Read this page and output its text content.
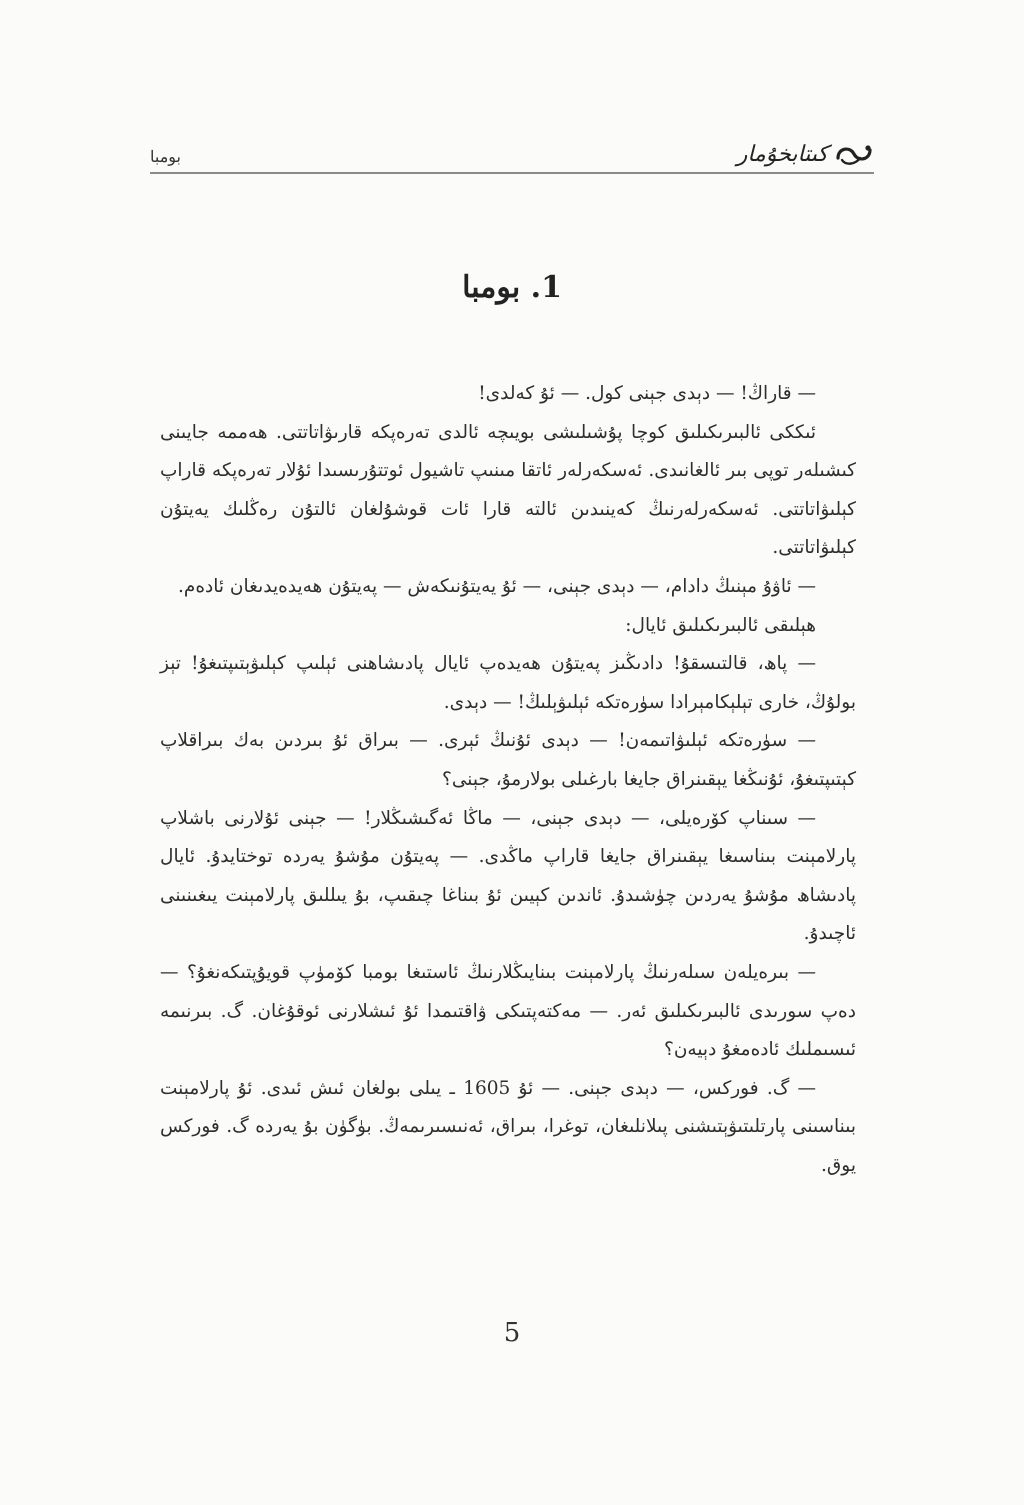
بومبا	كىتابخۇمار
1. بومبا

— قاراڭ! — دېدى جېنى كول. — ئۇ كەلدى!

ئىككى ئالبىرىكىلىق كوچا پۇشىلىشى بويىچە ئالدى تەرەپكە قارىۋاتاتتى. ھەممە جايىنى كىشىلەر توپى بىر ئالغانىدى. ئەسكەرلەر ئاتقا مىنىپ تاشيول ئوتتۇرىسىدا ئۇلار تەرەپكە قاراپ كېلىۋاتاتتى. ئەسكەرلەرنىڭ كەينىدىن ئالتە قارا ئات قوشۇلغان ئالتۇن رەڭلىك يەيتۇن كېلىۋاتاتتى.

— ئاۋۇ مېنىڭ دادام، — دېدى جېنى، — ئۇ يەيتۇنىكەش — پەيتۇن ھەيدەيدىغان ئادەم.

ھېلىقى ئالبىرىكىلىق ئايال:

— پاھ، قالتىسقۇ! دادىڭىز پەيتۇن ھەيدەپ ئايال پادىشاھنى ئېلىپ كېلىۋېتىپتىغۇ! تېز بولۇڭ، خارى تېلېكامېرادا سۈرەتكە ئېلىۋېلىڭ! — دېدى.

— سۈرەتكە ئېلىۋاتىمەن! — دېدى ئۇنىڭ ئېرى. — بىراق ئۇ بىردىن بەك بىراقلاپ كېتىپتىغۇ، ئۇنىڭغا يېقىنراق جايغا بارغىلى بولارمۇ، جېنى؟

— سىناپ كۆرەيلى، — دېدى جېنى، — ماڭا ئەگىشىڭلار! — جېنى ئۇلارنى باشلاپ پارلامېنت بىناسىغا يېقىنراق جايغا قاراپ ماڭدى. — پەيتۇن مۇشۇ يەردە توختايدۇ. ئايال پادىشاھ مۇشۇ يەردىن چۈشىدۇ. ئاندىن كېيىن ئۇ بىناغا چىقىپ، بۇ يىللىق پارلامېنت يىغىنىنى ئاچىدۇ.

— بىرەيلەن سىلەرنىڭ پارلامېنت بىنايىڭلارنىڭ ئاستىغا بومبا كۆمۈپ قويۇپتىكەنغۇ؟ — دەپ سورىدى ئالبىرىكىلىق ئەر. — مەكتەپتىكى ۋاقتىمدا ئۇ ئىشلارنى ئوقۇغان. گ. بىرنىمە ئىسىملىك ئادەمغۇ دېيەن؟

— گ. فوركس، — دېدى جېنى. — ئۇ 1605 ـ يىلى بولغان ئىش ئىدى. ئۇ پارلامېنت بىناسىنى پارتلىتىۋېتىشنى پىلانلىغان، توغرا، بىراق، ئەنىسىرىمەڭ. بۈگۈن بۇ يەردە گ. فوركس يوق.

5
